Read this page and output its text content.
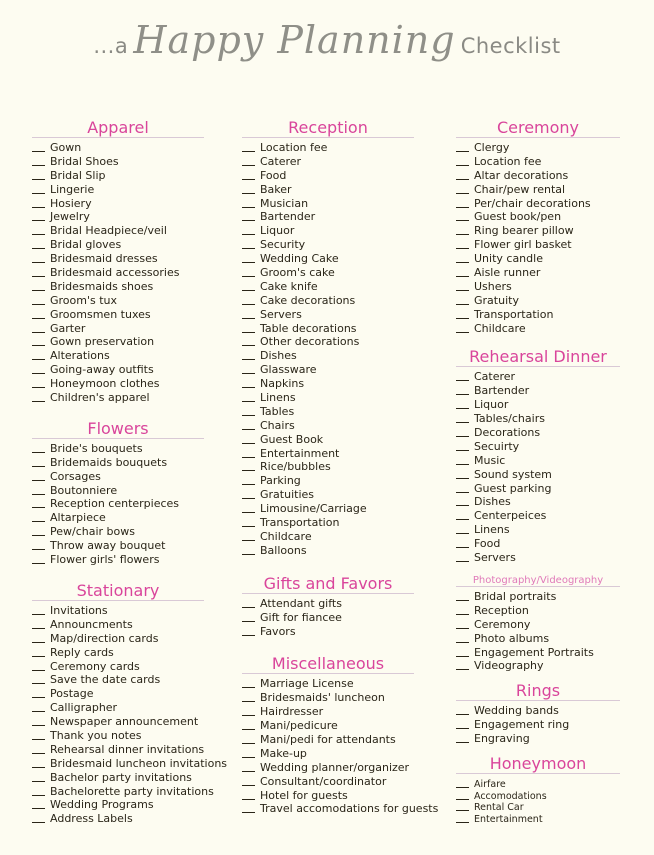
...a Happy Planning Checklist
Apparel
Gown
Bridal Shoes
Bridal Slip
Lingerie
Hosiery
Jewelry
Bridal Headpiece/veil
Bridal gloves
Bridesmaid dresses
Bridesmaid accessories
Bridesmaids shoes
Groom's tux
Groomsmen tuxes
Garter
Gown preservation
Alterations
Going-away outfits
Honeymoon clothes
Children's apparel
Flowers
Bride's bouquets
Bridemaids bouquets
Corsages
Boutonniere
Reception centerpieces
Altarpiece
Pew/chair bows
Throw away bouquet
Flower girls' flowers
Stationary
Invitations
Announcments
Map/direction cards
Reply cards
Ceremony cards
Save the date cards
Postage
Calligrapher
Newspaper announcement
Thank you notes
Rehearsal dinner invitations
Bridesmaid luncheon invitations
Bachelor party invitations
Bachelorette party invitations
Wedding Programs
Address Labels
Reception
Location fee
Caterer
Food
Baker
Musician
Bartender
Liquor
Security
Wedding Cake
Groom's cake
Cake knife
Cake decorations
Servers
Table decorations
Other decorations
Dishes
Glassware
Napkins
Linens
Tables
Chairs
Guest Book
Entertainment
Rice/bubbles
Parking
Gratuities
Limousine/Carriage
Transportation
Childcare
Balloons
Gifts and Favors
Attendant gifts
Gift for fiancee
Favors
Miscellaneous
Marriage License
Bridesmaids' luncheon
Hairdresser
Mani/pedicure
Mani/pedi for attendants
Make-up
Wedding planner/organizer
Consultant/coordinator
Hotel for guests
Travel accomodations for guests
Ceremony
Clergy
Location fee
Altar decorations
Chair/pew rental
Per/chair decorations
Guest book/pen
Ring bearer pillow
Flower girl basket
Unity candle
Aisle runner
Ushers
Gratuity
Transportation
Childcare
Rehearsal Dinner
Caterer
Bartender
Liquor
Tables/chairs
Decorations
Secuirty
Music
Sound system
Guest parking
Dishes
Centerpeices
Linens
Food
Servers
Photography/Videography
Bridal portraits
Reception
Ceremony
Photo albums
Engagement Portraits
Videography
Rings
Wedding bands
Engagement ring
Engraving
Honeymoon
Airfare
Accomodations
Rental Car
Entertainment
